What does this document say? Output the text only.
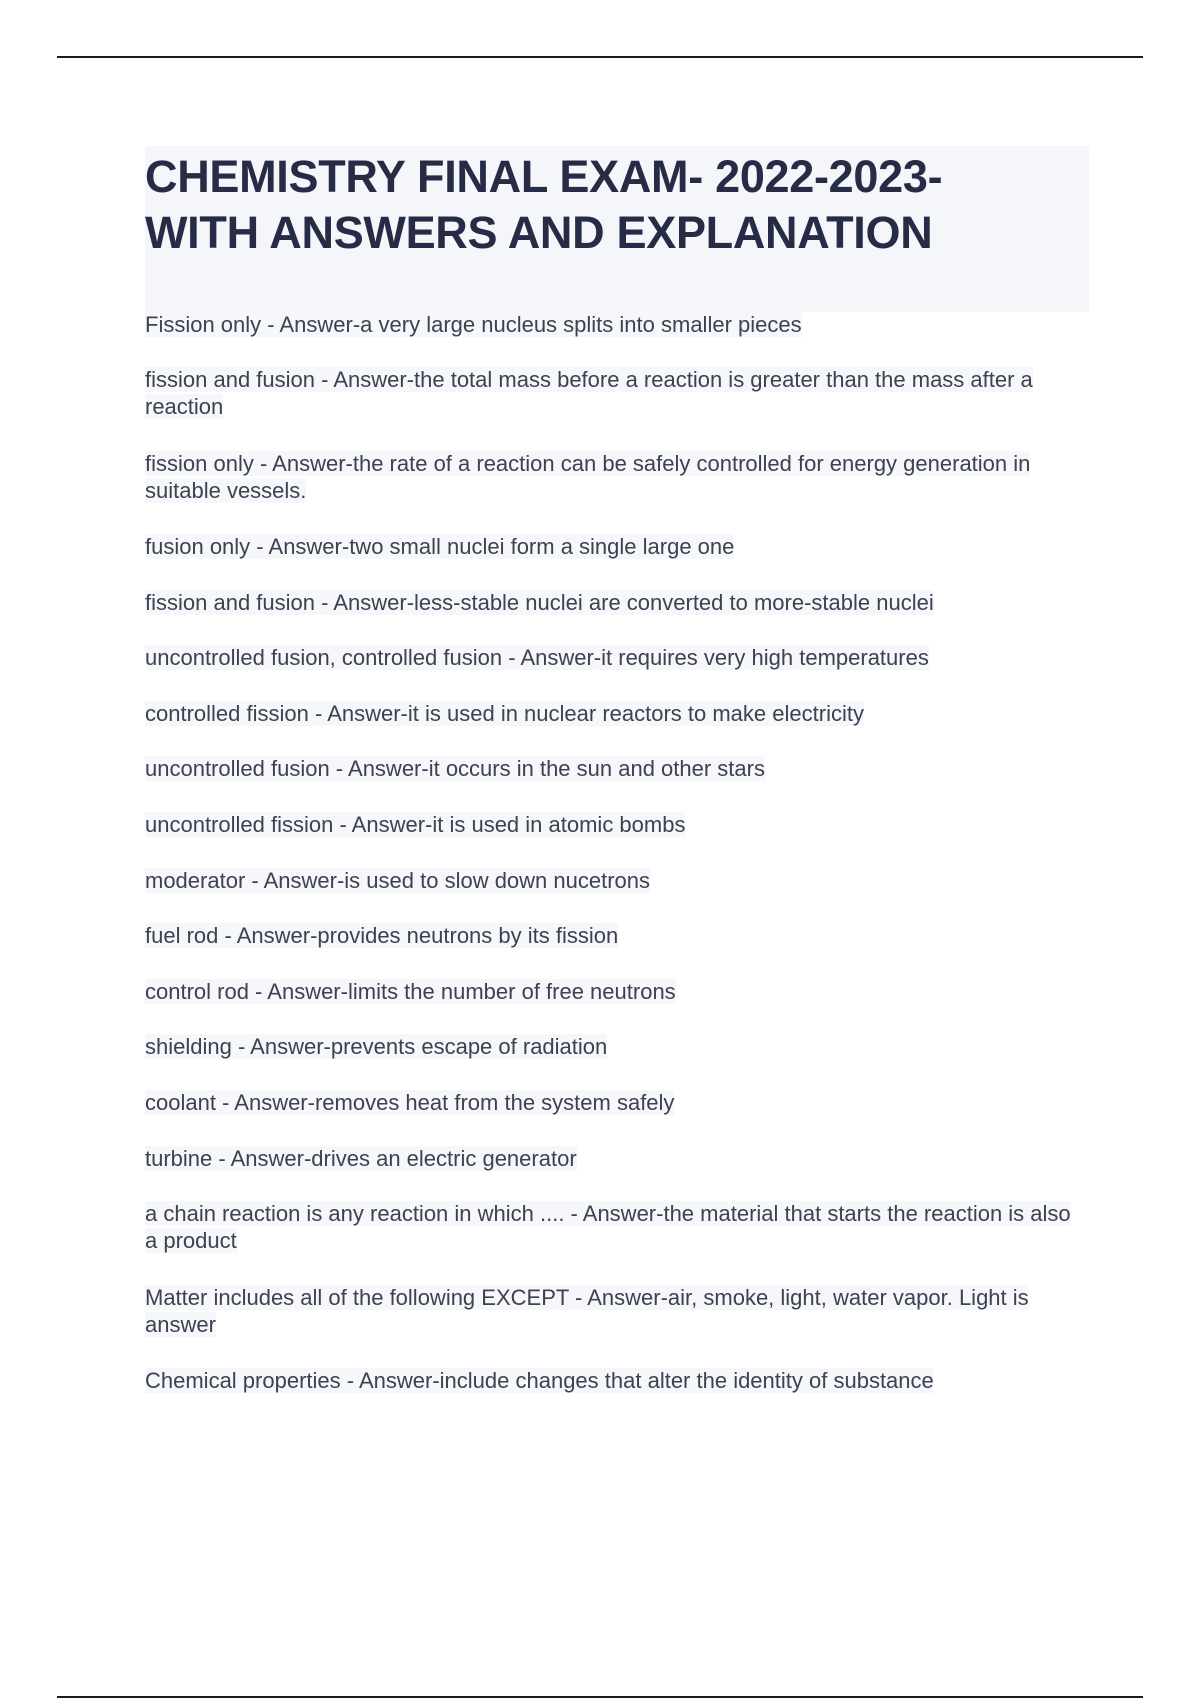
CHEMISTRY FINAL EXAM- 2022-2023-
WITH ANSWERS AND EXPLANATION
Fission only - Answer-a very large nucleus splits into smaller pieces
fission and fusion - Answer-the total mass before a reaction is greater than the mass after a reaction
fission only - Answer-the rate of a reaction can be safely controlled for energy generation in suitable vessels.
fusion only - Answer-two small nuclei form a single large one
fission and fusion - Answer-less-stable nuclei are converted to more-stable nuclei
uncontrolled fusion, controlled fusion - Answer-it requires very high temperatures
controlled fission - Answer-it is used in nuclear reactors to make electricity
uncontrolled fusion - Answer-it occurs in the sun and other stars
uncontrolled fission - Answer-it is used in atomic bombs
moderator - Answer-is used to slow down nucetrons
fuel rod - Answer-provides neutrons by its fission
control rod - Answer-limits the number of free neutrons
shielding - Answer-prevents escape of radiation
coolant - Answer-removes heat from the system safely
turbine - Answer-drives an electric generator
a chain reaction is any reaction in which .... - Answer-the material that starts the reaction is also a product
Matter includes all of the following EXCEPT - Answer-air, smoke, light, water vapor. Light is answer
Chemical properties - Answer-include changes that alter the identity of substance
